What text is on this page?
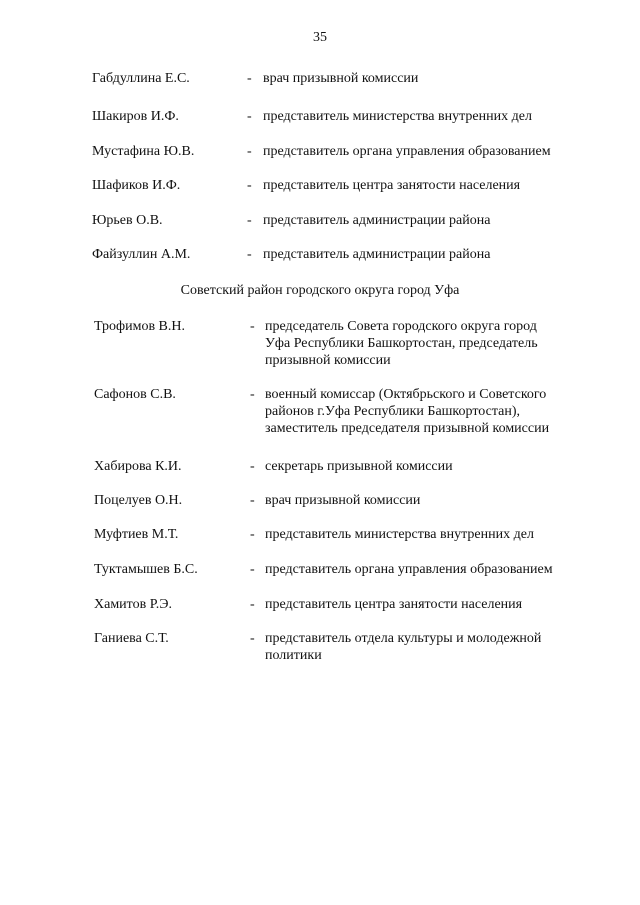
35
Габдуллина Е.С.	- врач призывной комиссии
Шакиров И.Ф.	- представитель министерства внутренних дел
Мустафина Ю.В.	- представитель органа управления образованием
Шафиков И.Ф.	- представитель центра занятости населения
Юрьев О.В.	- представитель администрации района
Файзуллин А.М.	- представитель администрации района
Советский район городского округа город Уфа
Трофимов В.Н.	- председатель Совета городского округа город
Уфа Республики Башкортостан, председатель
призывной комиссии
Сафонов С.В.	- военный комиссар (Октябрьского и Советского
районов г.Уфа Республики Башкортостан),
заместитель председателя призывной комиссии
Хабирова К.И.	- секретарь призывной комиссии
Поцелуев О.Н.	- врач призывной комиссии
Муфтиев М.Т.	- представитель министерства внутренних дел
Туктамышев Б.С.	- представитель органа управления образованием
Хамитов Р.Э.	- представитель центра занятости населения
Ганиева С.Т.	- представитель отдела культуры и молодежной
политики
